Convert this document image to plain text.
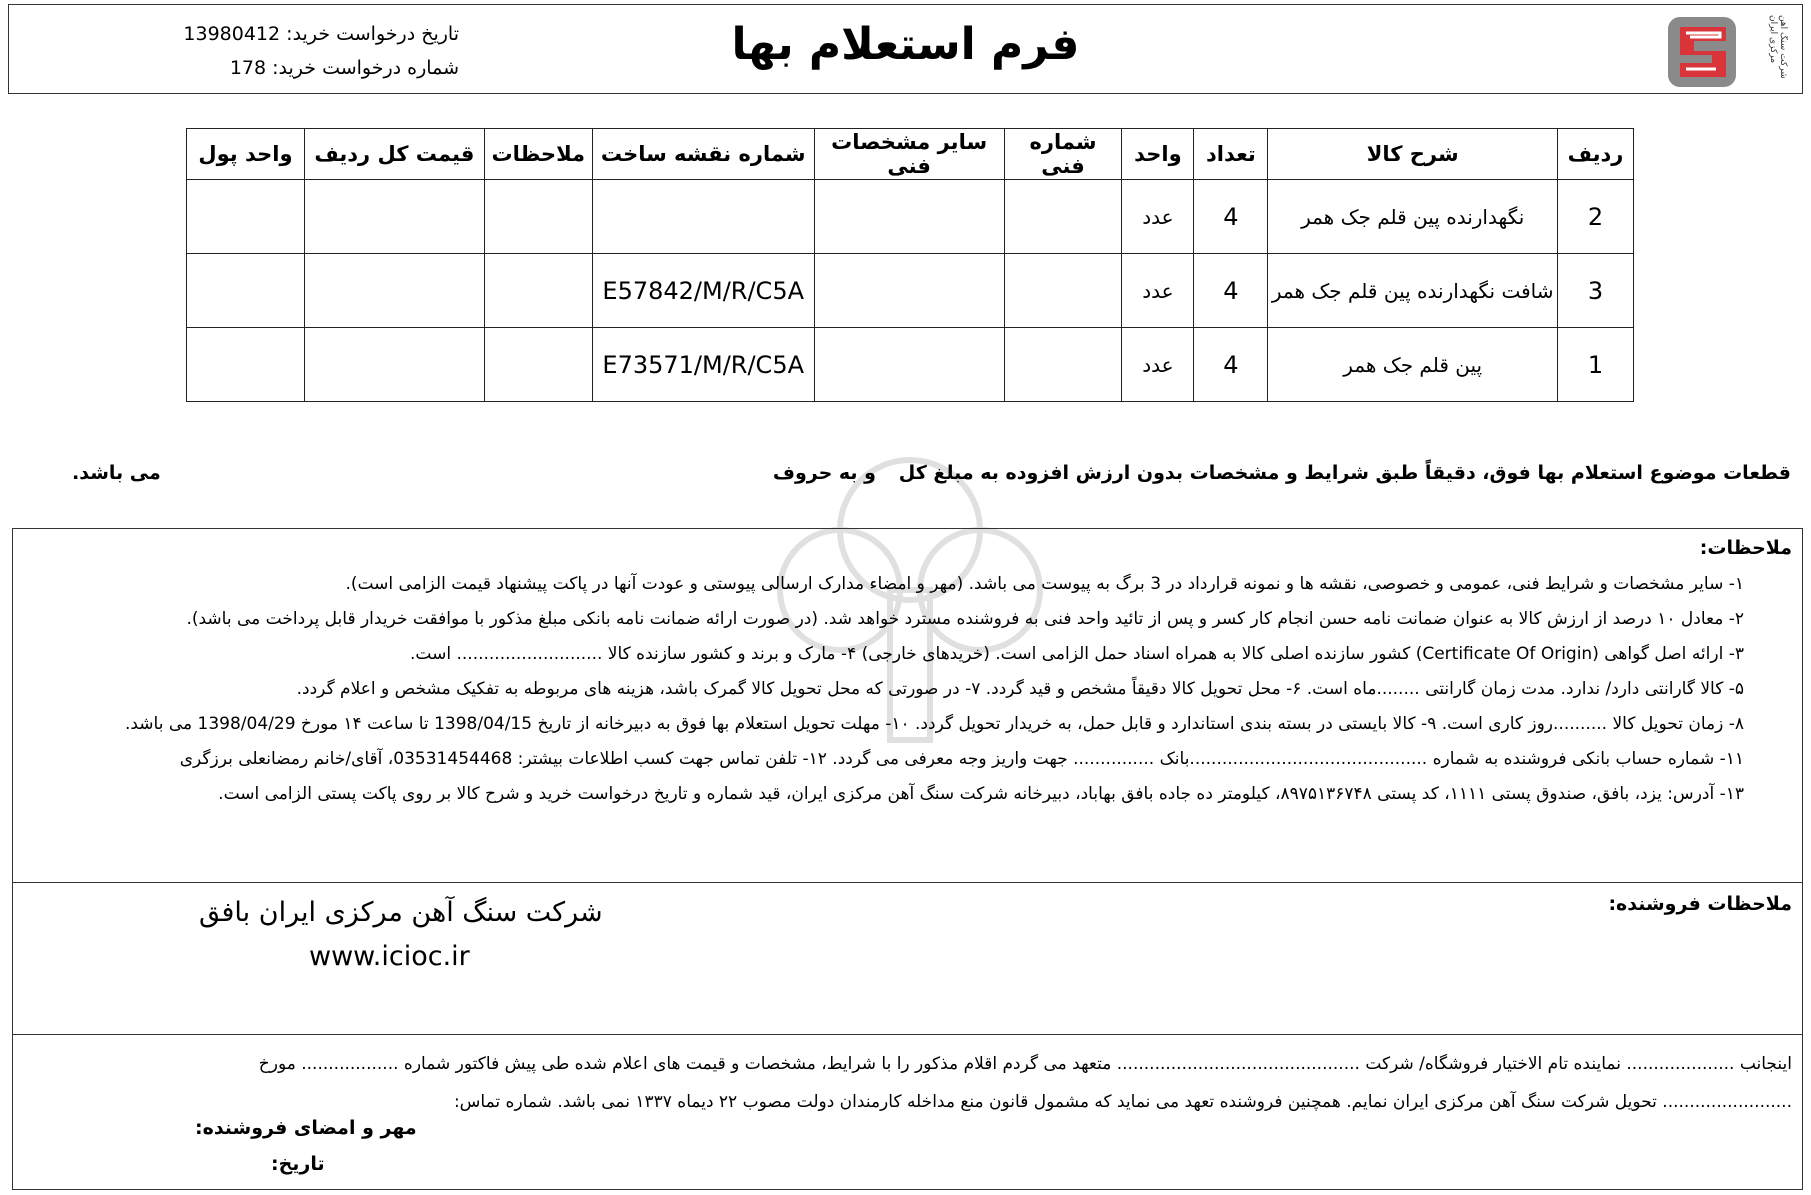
شرکت سنگ آهن مرکزی ایران
فرم استعلام بها
تاریخ درخواست خرید: 13980412
شماره درخواست خرید: 178
ردیف	شرح کالا	تعداد	واحد	شماره فنی	سایر مشخصات فنی	شماره نقشه ساخت	ملاحظات	قیمت کل ردیف	واحد پول
2	نگهدارنده پین قلم جک همر	4	عدد						
3	شافت نگهدارنده پین قلم جک همر	4	عدد			E57842/M/R/C5A			
1	پین قلم جک همر	4	عدد			E73571/M/R/C5A			
قطعات موضوع استعلام بها فوق، دقیقاً طبق شرایط و مشخصات بدون ارزش افزوده به مبلغ کل
و به حروف
می باشد.
ملاحظات:
۱- سایر مشخصات و شرایط فنی، عمومی و خصوصی، نقشه ها و نمونه قرارداد در 3 برگ به پیوست می باشد. (مهر و امضاء مدارک ارسالی پیوستی و عودت آنها در پاکت پیشنهاد قیمت الزامی است).
۲- معادل ۱۰ درصد از ارزش کالا به عنوان ضمانت نامه حسن انجام کار کسر و پس از تائید واحد فنی به فروشنده مسترد خواهد شد. (در صورت ارائه ضمانت نامه بانکی مبلغ مذکور با موافقت خریدار قابل پرداخت می باشد).
۳- ارائه اصل گواهی (Certificate Of Origin) کشور سازنده اصلی کالا به همراه اسناد حمل الزامی است. (خریدهای خارجی) ۴- مارک و برند و کشور سازنده کالا ........................... است.
۵- کالا گارانتی دارد/ ندارد. مدت زمان گارانتی ........ماه است. ۶- محل تحویل کالا دقیقاً مشخص و قید گردد. ۷- در صورتی که محل تحویل کالا گمرک باشد، هزینه های مربوطه به تفکیک مشخص و اعلام گردد.
۸- زمان تحویل کالا ..........روز کاری است. ۹- کالا بایستی در بسته بندی استاندارد و قابل حمل، به خریدار تحویل گردد. ۱۰- مهلت تحویل استعلام بها فوق به دبیرخانه از تاریخ 1398/04/15 تا ساعت ۱۴ مورخ 1398/04/29 می باشد.
۱۱- شماره حساب بانکی فروشنده به شماره ............................................بانک ............... جهت واریز وجه معرفی می گردد. ۱۲- تلفن تماس جهت کسب اطلاعات بیشتر: 03531454468، آقای/خانم رمضانعلی برزگری
۱۳- آدرس: یزد، بافق، صندوق پستی ۱۱۱۱، کد پستی ۸۹۷۵۱۳۶۷۴۸، کیلومتر ده جاده بافق بهاباد، دبیرخانه شرکت سنگ آهن مرکزی ایران، قید شماره و تاریخ درخواست خرید و شرح کالا بر روی پاکت پستی الزامی است.
ملاحظات فروشنده:
شرکت سنگ آهن مرکزی ایران بافق
www.icioc.ir
اینجانب .................... نماینده تام الاختیار فروشگاه/ شرکت ............................................. متعهد می گردم اقلام مذکور را با شرایط، مشخصات و قیمت های اعلام شده طی پیش فاکتور شماره .................. مورخ
........................ تحویل شرکت سنگ آهن مرکزی ایران نمایم. همچنین فروشنده تعهد می نماید که مشمول قانون منع مداخله کارمندان دولت مصوب ۲۲ دیماه ۱۳۳۷ نمی باشد. شماره تماس:
مهر و امضای فروشنده:
تاریخ:
